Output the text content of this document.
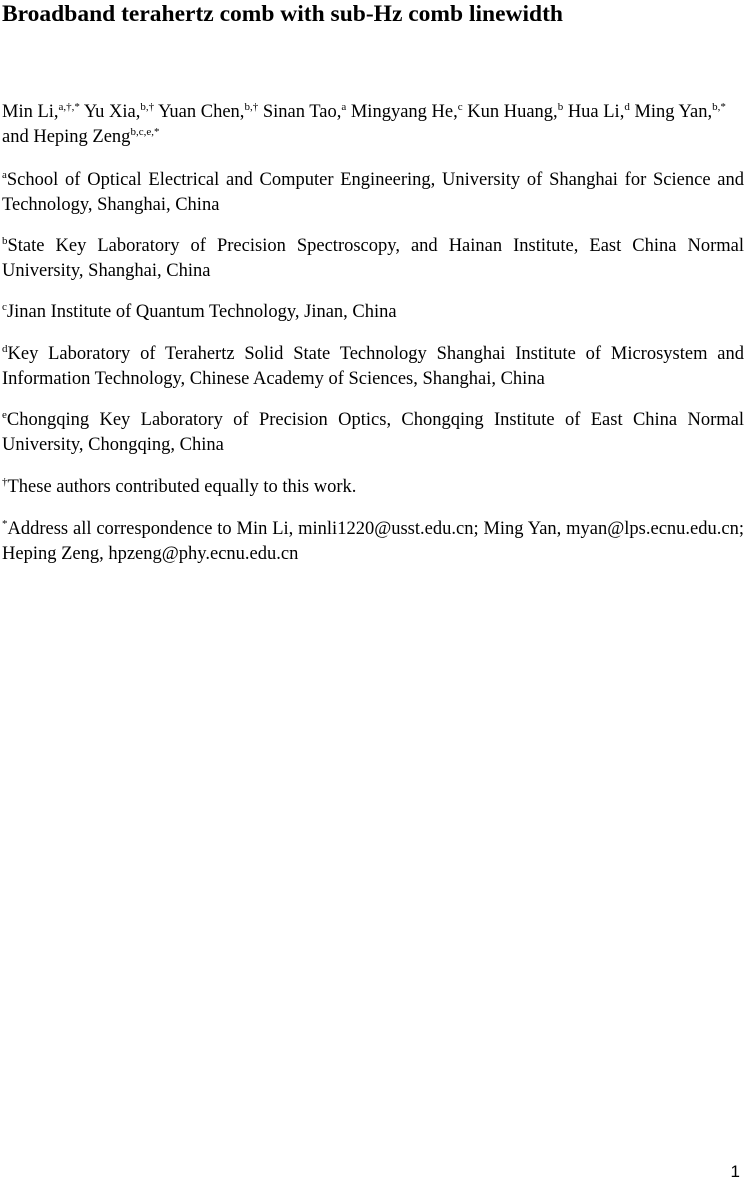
Broadband terahertz comb with sub-Hz comb linewidth
Min Li,$^{a,\dagger,*}$ Yu Xia,$^{b,\dagger}$ Yuan Chen,$^{b,\dagger}$ Sinan Tao,$^a$ Mingyang He,$^c$ Kun Huang,$^b$ Hua Li,$^d$ Ming Yan,$^{b,*}$ and Heping Zeng$^{b,c,e,*}$
$^a$School of Optical Electrical and Computer Engineering, University of Shanghai for Science and Technology, Shanghai, China
$^b$State Key Laboratory of Precision Spectroscopy, and Hainan Institute, East China Normal University, Shanghai, China
$^c$Jinan Institute of Quantum Technology, Jinan, China
$^d$Key Laboratory of Terahertz Solid State Technology Shanghai Institute of Microsystem and Information Technology, Chinese Academy of Sciences, Shanghai, China
$^e$Chongqing Key Laboratory of Precision Optics, Chongqing Institute of East China Normal University, Chongqing, China
†These authors contributed equally to this work.
*Address all correspondence to Min Li, minli1220@usst.edu.cn; Ming Yan, myan@lps.ecnu.edu.cn; Heping Zeng, hpzeng@phy.ecnu.edu.cn
1
